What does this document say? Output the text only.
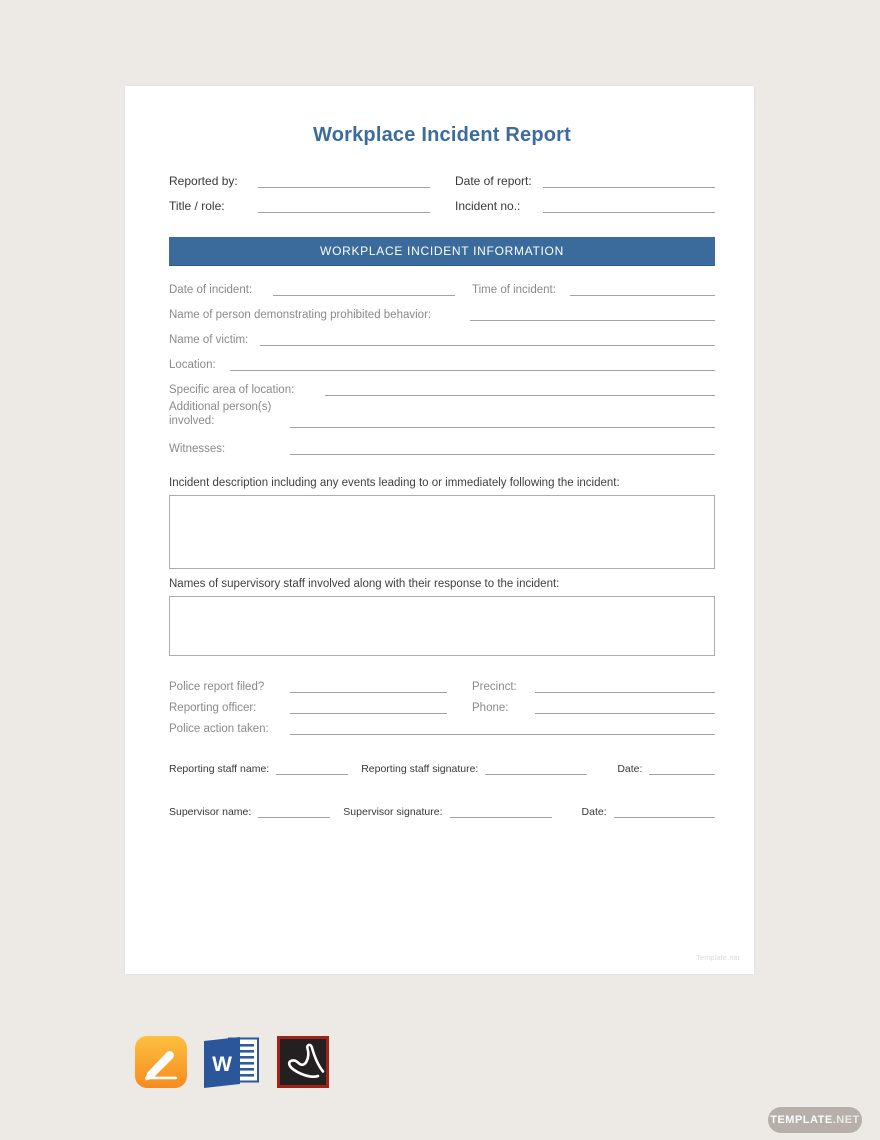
Workplace Incident Report
Reported by:	Date of report:
Title / role:	Incident no.:
WORKPLACE INCIDENT INFORMATION
Date of incident:	Time of incident:
Name of person demonstrating prohibited behavior:
Name of victim:
Location:
Specific area of location:
Additional person(s) involved:
Witnesses:
Incident description including any events leading to or immediately following the incident:
Names of supervisory staff involved along with their response to the incident:
Police report filed?	Precinct:
Reporting officer:	Phone:
Police action taken:
Reporting staff name:	Reporting staff signature:	Date:
Supervisor name:	Supervisor signature:	Date:
Template.net
W
TEMPLATE .NET
